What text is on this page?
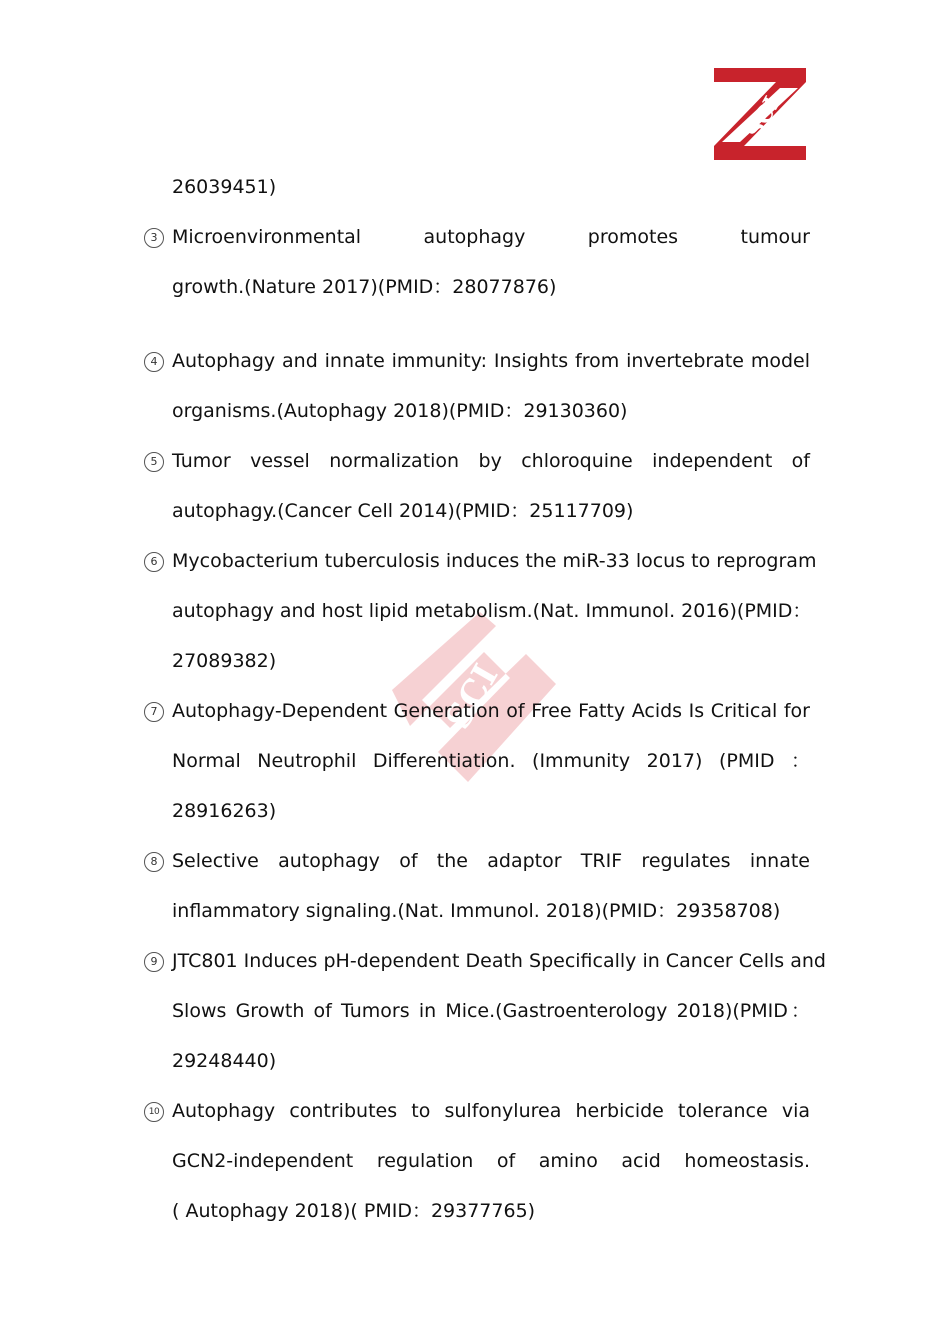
SCI
SCI
26039451)
3 Microenvironmental autophagy promotes tumour
growth.(Nature 2017)(PMID：28077876)
4 Autophagy and innate immunity: Insights from invertebrate model
organisms.(Autophagy 2018)(PMID：29130360)
5 Tumor vessel normalization by chloroquine independent of
autophagy.(Cancer Cell 2014)(PMID：25117709)
6 Mycobacterium tuberculosis induces the miR-33 locus to reprogram
autophagy and host lipid metabolism.(Nat. Immunol. 2016)(PMID：
27089382)
7 Autophagy-Dependent Generation of Free Fatty Acids Is Critical for
Normal Neutrophil Differentiation. (Immunity 2017) (PMID ：
28916263)
8 Selective autophagy of the adaptor TRIF regulates innate
inflammatory signaling.(Nat. Immunol. 2018)(PMID：29358708)
9 JTC801 Induces pH-dependent Death Specifically in Cancer Cells and
Slows Growth of Tumors in Mice.(Gastroenterology 2018)(PMID：
29248440)
10 Autophagy contributes to sulfonylurea herbicide tolerance via
GCN2-independent regulation of amino acid homeostasis.
( Autophagy 2018)( PMID：29377765)
